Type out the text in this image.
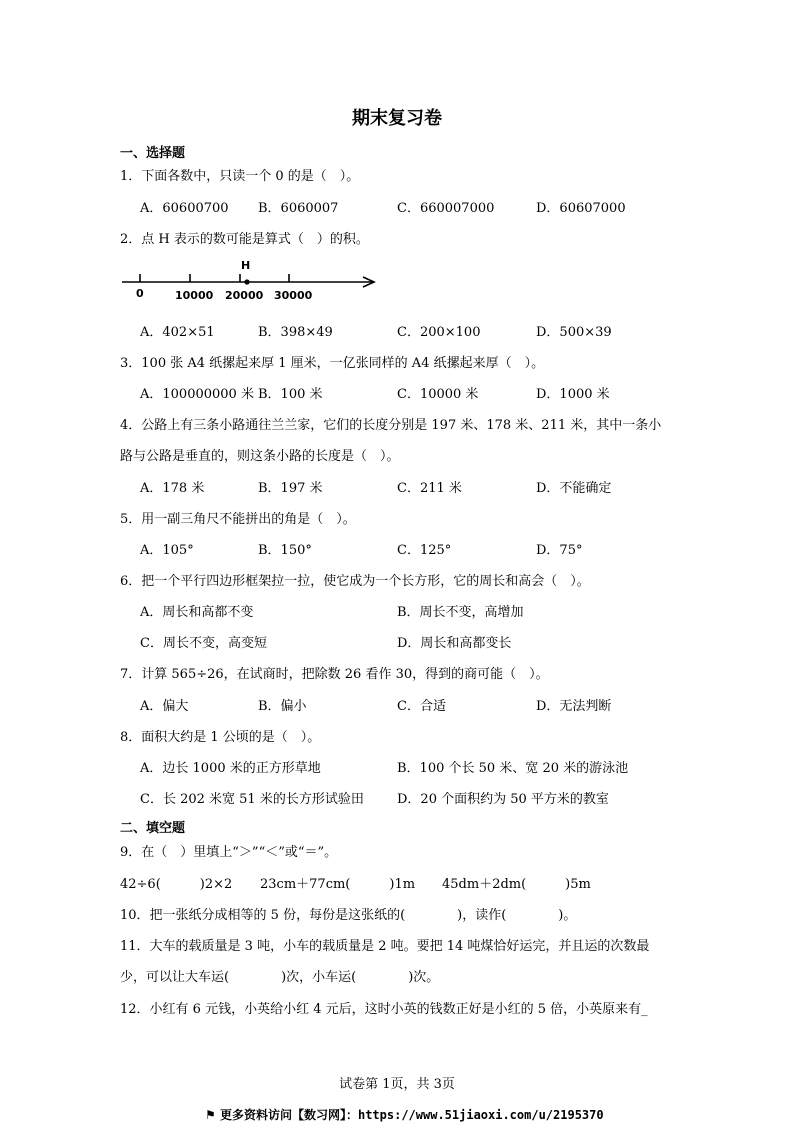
期末复习卷
一、选择题
1．下面各数中，只读一个 0 的是（　）。
A．60600700 B．6060007	C．660007000	D．60607000
2．点 H 表示的数可能是算式（　）的积。
H
0	10000 20000 30000
A．402×51	B．398×49	C．200×100	D．500×39
3．100 张 A4 纸摞起来厚 1 厘米，一亿张同样的 A4 纸摞起来厚（　）。
A．100000000 米 B．100 米	C．10000 米	D．1000 米
4．公路上有三条小路通往兰兰家，它们的长度分别是 197 米、178 米、211 米，其中一条小
路与公路是垂直的，则这条小路的长度是（　）。
A．178 米	B．197 米	C．211 米	D．不能确定
5．用一副三角尺不能拼出的角是（　）。
A．105°	B．150°	C．125°	D．75°
6．把一个平行四边形框架拉一拉，使它成为一个长方形，它的周长和高会（　）。
A．周长和高都不变	B．周长不变，高增加
C．周长不变，高变短	D．周长和高都变长
7．计算 565÷26，在试商时，把除数 26 看作 30，得到的商可能（　）。
A．偏大	B．偏小	C．合适	D．无法判断
8．面积大约是 1 公顷的是（　）。
A．边长 1000 米的正方形草地	B．100 个长 50 米、宽 20 米的游泳池
C．长 202 米宽 51 米的长方形试验田	D．20 个面积约为 50 平方米的教室
二、填空题
9．在（　）里填上“＞”“＜”或“＝”。
42÷6(　　　)2×2 23cm＋77cm(　　　)1m 45dm＋2dm(　　　)5m
10．把一张纸分成相等的 5 份，每份是这张纸的(　　　　)，读作(　　　　)。
11．大车的载质量是 3 吨，小车的载质量是 2 吨。要把 14 吨煤恰好运完，并且运的次数最
少，可以让大车运(　　　　)次，小车运(　　　　)次。
12．小红有 6 元钱，小英给小红 4 元后，这时小英的钱数正好是小红的 5 倍，小英原来有_
试卷第 1页，共 3页
⚑ 更多资料访问【数习网】：https://www.51jiaoxi.com/u/2195370
